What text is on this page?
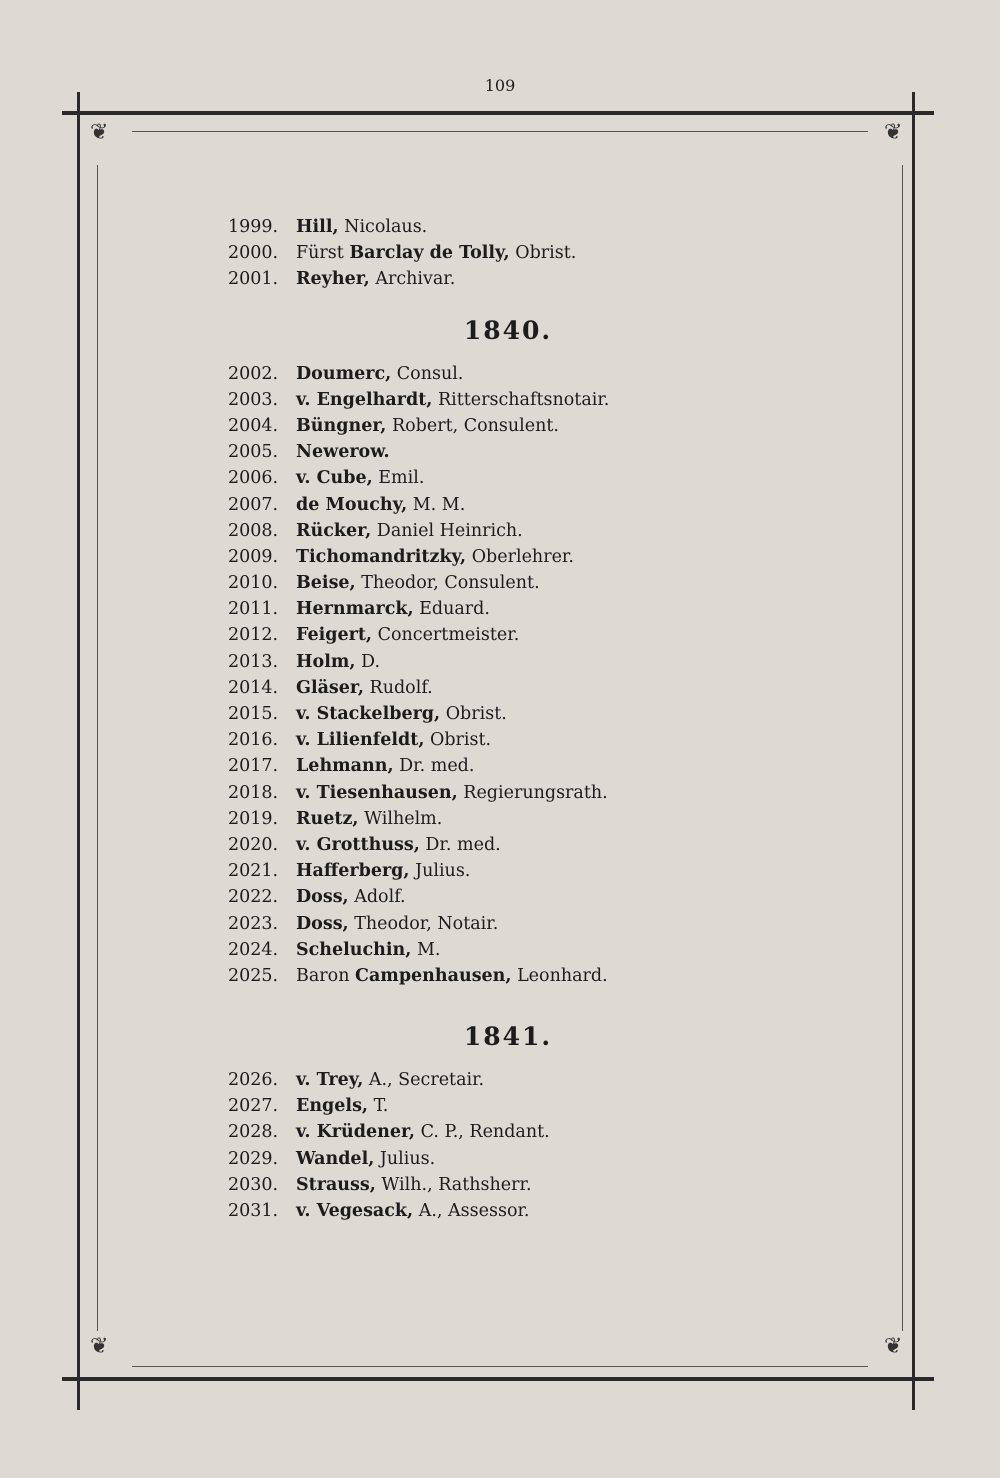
109
❦	❦
❦	❦
1999. Hill, Nicolaus.
2000. Fürst Barclay de Tolly, Obrist.
2001. Reyher, Archivar.
1840.
2002. Doumerc, Consul.
2003. v. Engelhardt, Ritterschaftsnotair.
2004. Büngner, Robert, Consulent.
2005. Newerow.
2006. v. Cube, Emil.
2007. de Mouchy, M. M.
2008. Rücker, Daniel Heinrich.
2009. Tichomandritzky, Oberlehrer.
2010. Beise, Theodor, Consulent.
2011. Hernmarck, Eduard.
2012. Feigert, Concertmeister.
2013. Holm, D.
2014. Gläser, Rudolf.
2015. v. Stackelberg, Obrist.
2016. v. Lilienfeldt, Obrist.
2017. Lehmann, Dr. med.
2018. v. Tiesenhausen, Regierungsrath.
2019. Ruetz, Wilhelm.
2020. v. Grotthuss, Dr. med.
2021. Hafferberg, Julius.
2022. Doss, Adolf.
2023. Doss, Theodor, Notair.
2024. Scheluchin, M.
2025. Baron Campenhausen, Leonhard.
1841.
2026. v. Trey, A., Secretair.
2027. Engels, T.
2028. v. Krüdener, C. P., Rendant.
2029. Wandel, Julius.
2030. Strauss, Wilh., Rathsherr.
2031. v. Vegesack, A., Assessor.
